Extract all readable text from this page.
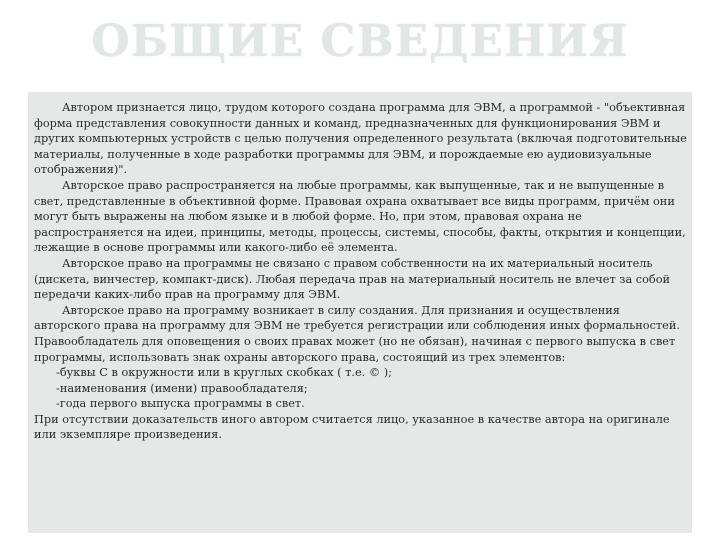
ОБЩИЕ СВЕДЕНИЯ

Автором признается лицо, трудом которого создана программа для ЭВМ, а программой - "объективная форма представления совокупности данных и команд, предназначенных для функционирования ЭВМ и других компьютерных устройств с целью получения определенного результата (включая подготовительные материалы, полученные в ходе разработки программы для ЭВМ, и порождаемые ею аудиовизуальные отображения)".

Авторское право распространяется на любые программы, как выпущенные, так и не выпущенные в свет, представленные в объективной форме. Правовая охрана охватывает все виды программ, причём они могут быть выражены на любом языке и в любой форме. Но, при этом, правовая охрана не распространяется на идеи, принципы, методы, процессы, системы, способы, факты, открытия и концепции, лежащие в основе программы или какого-либо её элемента.

Авторское право на программы не связано с правом собственности на их материальный носитель (дискета, винчестер, компакт-диск). Любая передача прав на материальный носитель не влечет за собой передачи каких-либо прав на программу для ЭВМ.

Авторское право на программу возникает в силу создания. Для признания и осуществления авторского права на программу для ЭВМ не требуется регистрации или соблюдения иных формальностей. Правообладатель для оповещения о своих правах может (но не обязан), начиная с первого выпуска в свет программы, использовать знак охраны авторского права, состоящий из трех элементов:

-буквы С в окружности или в круглых скобках ( т.е. © );

-наименования (имени) правообладателя;

-года первого выпуска программы в свет.

При отсутствии доказательств иного автором считается лицо, указанное в качестве автора на оригинале или экземпляре произведения.
